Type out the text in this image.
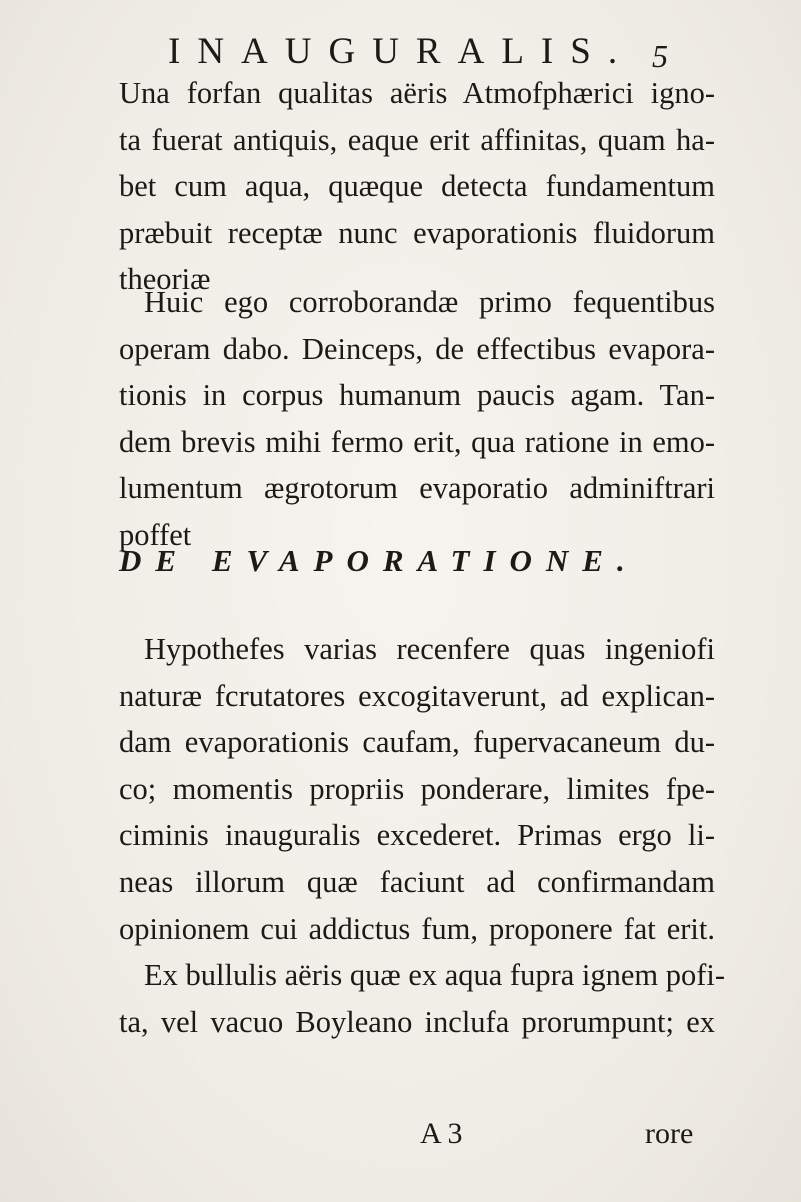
INAUGURALIS. 5
Una forfan qualitas aëris Atmofphærici igno-
ta fuerat antiquis, eaque erit affinitas, quam ha-
bet cum aqua, quæque detecta fundamentum
præbuit receptæ nunc evaporationis fluidorum
theoriæ
Huic ego corroborandæ primo fequentibus
operam dabo. Deinceps, de effectibus evapora-
tionis in corpus humanum paucis agam. Tan-
dem brevis mihi fermo erit, qua ratione in emo-
lumentum ægrotorum evaporatio adminiftrari
poffet
DE EVAPORATIONE.
Hypothefes varias recenfere quas ingeniofi
naturæ fcrutatores excogitaverunt, ad explican-
dam evaporationis caufam, fupervacaneum du-
co; momentis propriis ponderare, limites fpe-
ciminis inauguralis excederet. Primas ergo li-
neas illorum quæ faciunt ad confirmandam
opinionem cui addictus fum, proponere fat erit.
Ex bullulis aëris quæ ex aqua fupra ignem pofi-
ta, vel vacuo Boyleano inclufa prorumpunt; ex
A 3	rore
